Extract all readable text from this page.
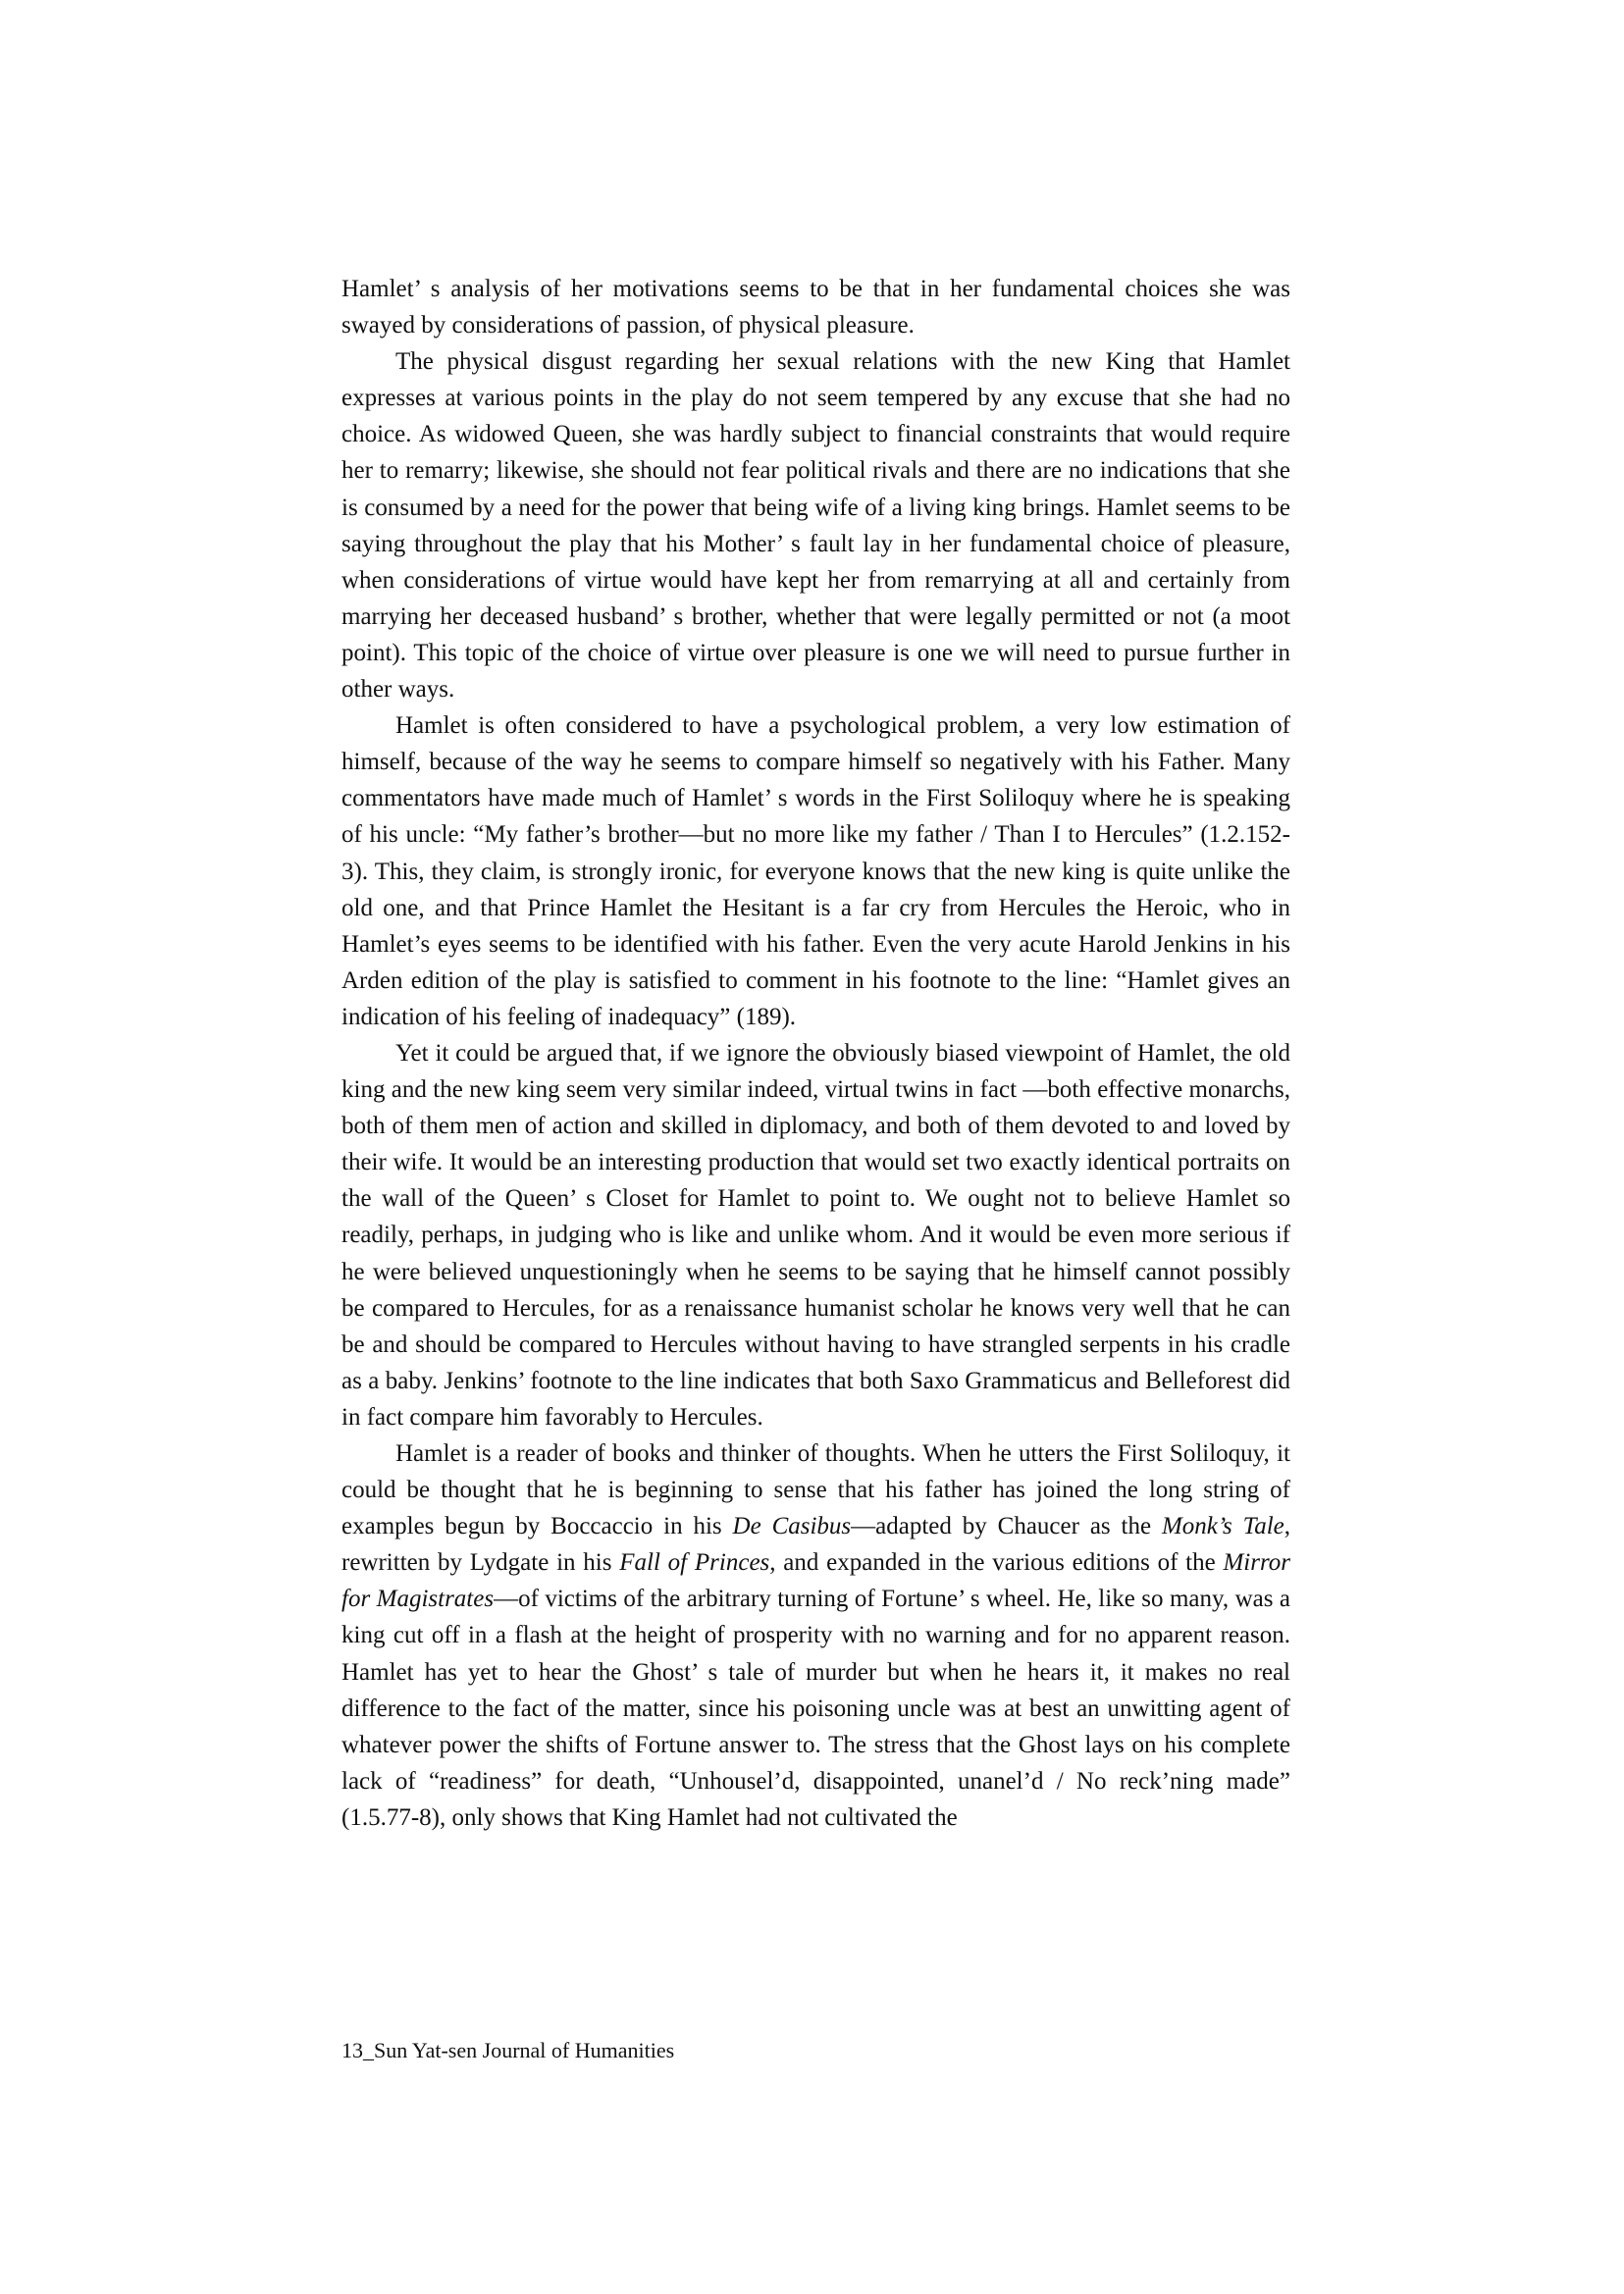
Hamlet’ s analysis of her motivations seems to be that in her fundamental choices she was swayed by considerations of passion, of physical pleasure.

The physical disgust regarding her sexual relations with the new King that Hamlet expresses at various points in the play do not seem tempered by any excuse that she had no choice. As widowed Queen, she was hardly subject to financial constraints that would require her to remarry; likewise, she should not fear political rivals and there are no indications that she is consumed by a need for the power that being wife of a living king brings. Hamlet seems to be saying throughout the play that his Mother’ s fault lay in her fundamental choice of pleasure, when considerations of virtue would have kept her from remarrying at all and certainly from marrying her deceased husband’ s brother, whether that were legally permitted or not (a moot point). This topic of the choice of virtue over pleasure is one we will need to pursue further in other ways.

Hamlet is often considered to have a psychological problem, a very low estimation of himself, because of the way he seems to compare himself so negatively with his Father. Many commentators have made much of Hamlet’ s words in the First Soliloquy where he is speaking of his uncle: “My father’s brother—but no more like my father / Than I to Hercules” (1.2.152-3). This, they claim, is strongly ironic, for everyone knows that the new king is quite unlike the old one, and that Prince Hamlet the Hesitant is a far cry from Hercules the Heroic, who in Hamlet’s eyes seems to be identified with his father. Even the very acute Harold Jenkins in his Arden edition of the play is satisfied to comment in his footnote to the line: “Hamlet gives an indication of his feeling of inadequacy” (189).

Yet it could be argued that, if we ignore the obviously biased viewpoint of Hamlet, the old king and the new king seem very similar indeed, virtual twins in fact —both effective monarchs, both of them men of action and skilled in diplomacy, and both of them devoted to and loved by their wife. It would be an interesting production that would set two exactly identical portraits on the wall of the Queen’ s Closet for Hamlet to point to. We ought not to believe Hamlet so readily, perhaps, in judging who is like and unlike whom. And it would be even more serious if he were believed unquestioningly when he seems to be saying that he himself cannot possibly be compared to Hercules, for as a renaissance humanist scholar he knows very well that he can be and should be compared to Hercules without having to have strangled serpents in his cradle as a baby. Jenkins’ footnote to the line indicates that both Saxo Grammaticus and Belleforest did in fact compare him favorably to Hercules.

Hamlet is a reader of books and thinker of thoughts. When he utters the First Soliloquy, it could be thought that he is beginning to sense that his father has joined the long string of examples begun by Boccaccio in his De Casibus—adapted by Chaucer as the Monk’s Tale, rewritten by Lydgate in his Fall of Princes, and expanded in the various editions of the Mirror for Magistrates—of victims of the arbitrary turning of Fortune’ s wheel. He, like so many, was a king cut off in a flash at the height of prosperity with no warning and for no apparent reason. Hamlet has yet to hear the Ghost’ s tale of murder but when he hears it, it makes no real difference to the fact of the matter, since his poisoning uncle was at best an unwitting agent of whatever power the shifts of Fortune answer to. The stress that the Ghost lays on his complete lack of “readiness” for death, “Unhousel’d, disappointed, unanel’d / No reck’ning made” (1.5.77-8), only shows that King Hamlet had not cultivated the

13_Sun Yat-sen Journal of Humanities
